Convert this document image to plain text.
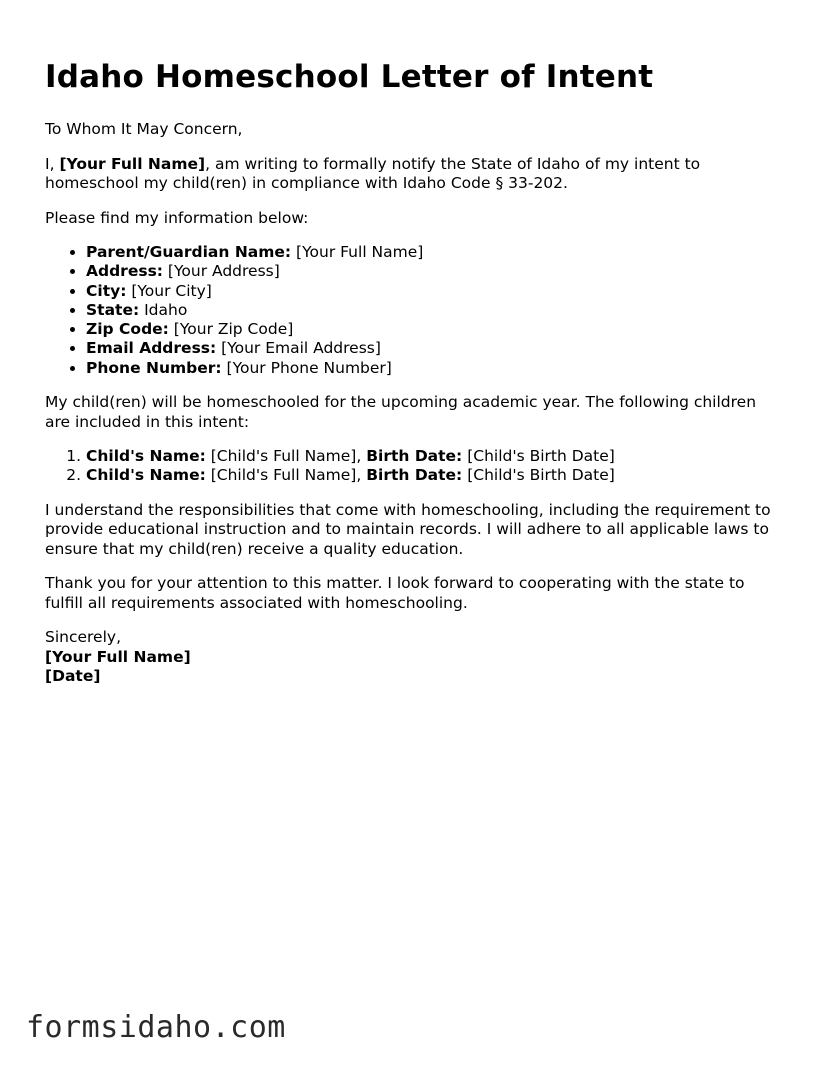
Idaho Homeschool Letter of Intent

To Whom It May Concern,

I, [Your Full Name], am writing to formally notify the State of Idaho of my intent to homeschool my child(ren) in compliance with Idaho Code § 33-202.

Please find my information below:

• Parent/Guardian Name: [Your Full Name]
• Address: [Your Address]
• City: [Your City]
• State: Idaho
• Zip Code: [Your Zip Code]
• Email Address: [Your Email Address]
• Phone Number: [Your Phone Number]

My child(ren) will be homeschooled for the upcoming academic year. The following children are included in this intent:

1. Child's Name: [Child's Full Name], Birth Date: [Child's Birth Date]
2. Child's Name: [Child's Full Name], Birth Date: [Child's Birth Date]

I understand the responsibilities that come with homeschooling, including the requirement to provide educational instruction and to maintain records. I will adhere to all applicable laws to ensure that my child(ren) receive a quality education.

Thank you for your attention to this matter. I look forward to cooperating with the state to fulfill all requirements associated with homeschooling.

Sincerely,
[Your Full Name]
[Date]

formsidaho.com
